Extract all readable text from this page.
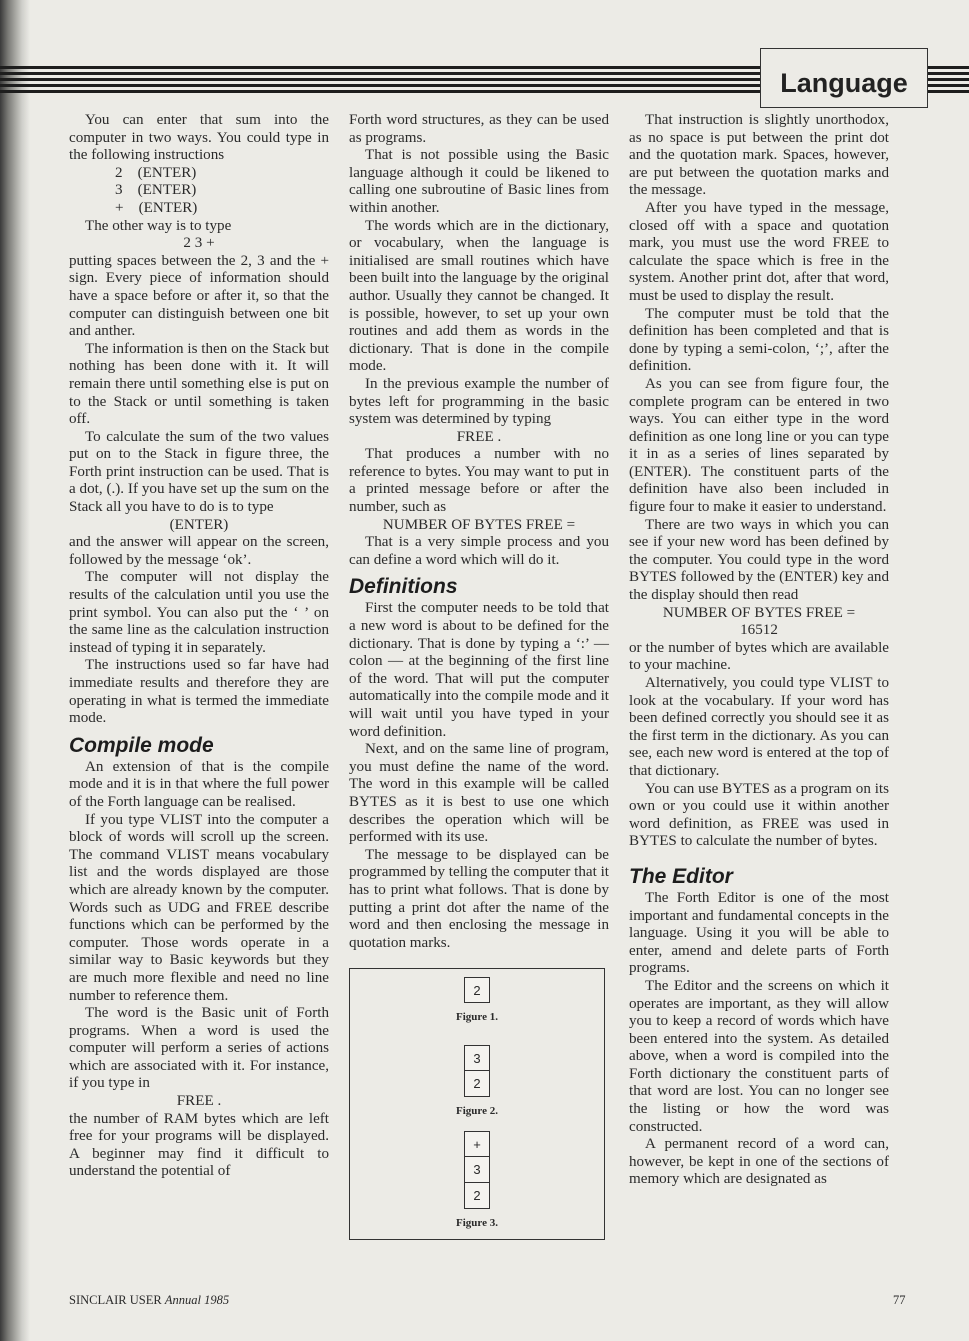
Language

You can enter that sum into the computer in two ways. You could type in the following instructions

2    (ENTER)

3    (ENTER)

+    (ENTER)

The other way is to type

2 3 +

putting spaces between the 2, 3 and the + sign. Every piece of information should have a space before or after it, so that the computer can distinguish between one bit and anther.

The information is then on the Stack but nothing has been done with it. It will remain there until something else is put on to the Stack or until something is taken off.

To calculate the sum of the two values put on to the Stack in figure three, the Forth print instruction can be used. That is a dot, (.). If you have set up the sum on the Stack all you have to do is to type

(ENTER)

and the answer will appear on the screen, followed by the message ‘ok’.

The computer will not display the results of the calculation until you use the print symbol. You can also put the ‘ ’ on the same line as the calculation instruction instead of typing it in separately.

The instructions used so far have had immediate results and therefore they are operating in what is termed the immediate mode.

Compile mode

An extension of that is the compile mode and it is in that where the full power of the Forth language can be realised.

If you type VLIST into the computer a block of words will scroll up the screen. The command VLIST means vocabulary list and the words displayed are those which are already known by the computer. Words such as UDG and FREE describe functions which can be performed by the computer. Those words operate in a similar way to Basic keywords but they are much more flexible and need no line number to reference them.

The word is the Basic unit of Forth programs. When a word is used the computer will perform a series of actions which are associated with it. For instance, if you type in

FREE .

the number of RAM bytes which are left free for your programs will be displayed. A beginner may find it difficult to understand the potential of

Forth word structures, as they can be used as programs.

That is not possible using the Basic language although it could be likened to calling one subroutine of Basic lines from within another.

The words which are in the dictionary, or vocabulary, when the language is initialised are small routines which have been built into the language by the original author. Usually they cannot be changed. It is possible, however, to set up your own routines and add them as words in the dictionary. That is done in the compile mode.

In the previous example the number of bytes left for programming in the basic system was determined by typing

FREE .

That produces a number with no reference to bytes. You may want to put in a printed message before or after the number, such as

NUMBER OF BYTES FREE =

That is a very simple process and you can define a word which will do it.

Definitions

First the computer needs to be told that a new word is about to be defined for the dictionary. That is done by typing a ‘:’ — colon — at the beginning of the first line of the word. That will put the computer automatically into the compile mode and it will wait until you have typed in your word definition.

Next, and on the same line of program, you must define the name of the word. The word in this example will be called BYTES as it is best to use one which describes the operation which will be performed with its use.

The message to be displayed can be programmed by telling the computer that it has to print what follows. That is done by putting a print dot after the name of the word and then enclosing the message in quotation marks.

2
Figure 1.
3
2
Figure 2.
+
3
2
Figure 3.

That instruction is slightly unorthodox, as no space is put between the print dot and the quotation mark. Spaces, however, are put between the quotation marks and the message.

After you have typed in the message, closed off with a space and quotation mark, you must use the word FREE to calculate the space which is free in the system. Another print dot, after that word, must be used to display the result.

The computer must be told that the definition has been completed and that is done by typing a semi-colon, ‘;’, after the definition.

As you can see from figure four, the complete program can be entered in two ways. You can either type in the word definition as one long line or you can type it in as a series of lines separated by (ENTER). The constituent parts of the definition have also been included in figure four to make it easier to understand.

There are two ways in which you can see if your new word has been defined by the computer. You could type in the word BYTES followed by the (ENTER) key and the display should then read

NUMBER OF BYTES FREE =

16512

or the number of bytes which are available to your machine.

Alternatively, you could type VLIST to look at the vocabulary. If your word has been defined correctly you should see it as the first term in the dictionary. As you can see, each new word is entered at the top of that dictionary.

You can use BYTES as a program on its own or you could use it within another word definition, as FREE was used in BYTES to calculate the number of bytes.

The Editor

The Forth Editor is one of the most important and fundamental concepts in the language. Using it you will be able to enter, amend and delete parts of Forth programs.

The Editor and the screens on which it operates are important, as they will allow you to keep a record of words which have been entered into the system. As detailed above, when a word is compiled into the Forth dictionary the constituent parts of that word are lost. You can no longer see the listing or how the word was constructed.

A permanent record of a word can, however, be kept in one of the sections of memory which are designated as

SINCLAIR USER Annual 1985	77
